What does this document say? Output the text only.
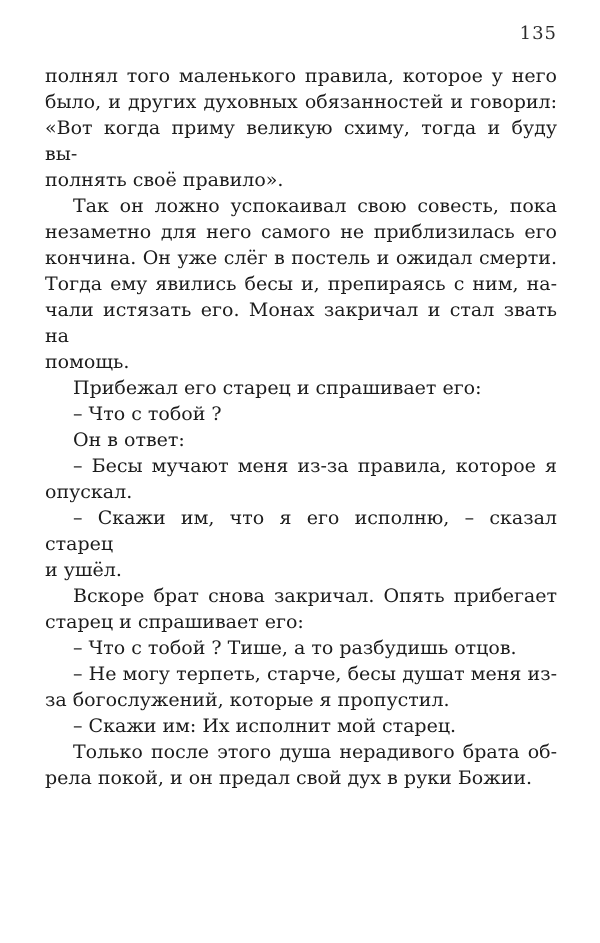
135
полнял того маленького правила, которое у него
было, и других духовных обязанностей и говорил:
«Вот когда приму великую схиму, тогда и буду вы-
полнять своё правило».
Так он ложно успокаивал свою совесть, пока
незаметно для него самого не приблизилась его
кончина. Он уже слёг в постель и ожидал смерти.
Тогда ему явились бесы и, препираясь с ним, на-
чали истязать его. Монах закричал и стал звать на
помощь.
Прибежал его старец и спрашивает его:
– Что с тобой ?
Он в ответ:
– Бесы мучают меня из-за правила, которое я
опускал.
– Скажи им, что я его исполню, – сказал старец
и ушёл.
Вскоре брат снова закричал. Опять прибегает
старец и спрашивает его:
– Что с тобой ? Тише, а то разбудишь отцов.
– Не могу терпеть, старче, бесы душат меня из-
за богослужений, которые я пропустил.
– Скажи им: Их исполнит мой старец.
Только после этого душа нерадивого брата об-
рела покой, и он предал свой дух в руки Божии.
